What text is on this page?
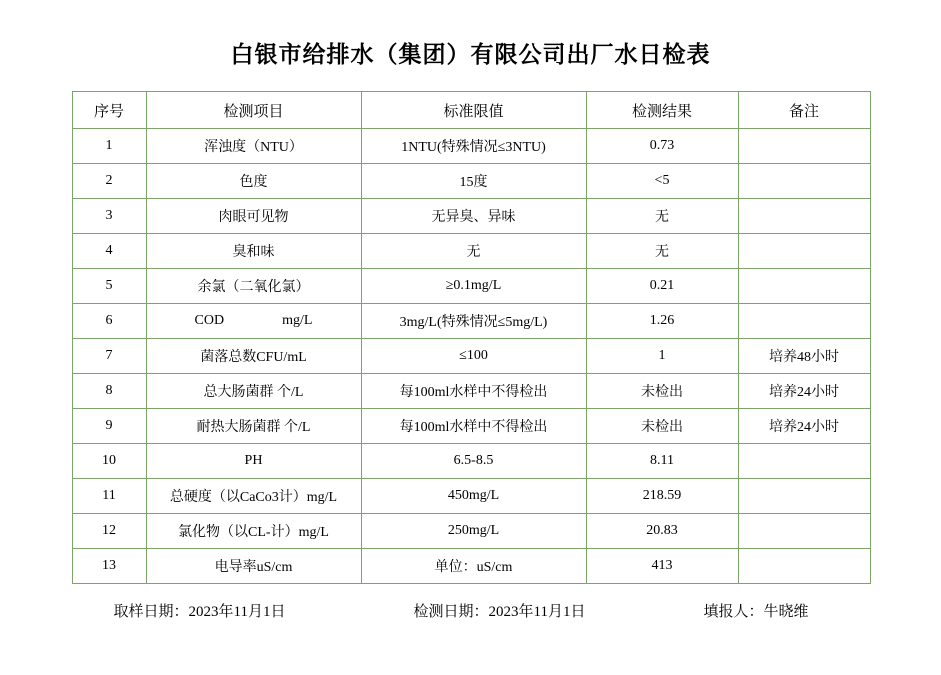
白银市给排水（集团）有限公司出厂水日检表
序号	检测项目	标准限值	检测结果	备注
1	浑浊度（NTU）	1NTU(特殊情况≤3NTU)	0.73	
2	色度	15度	<5	
3	肉眼可见物	无异臭、异味	无	
4	臭和味	无	无	
5	余氯（二氧化氯）	≥0.1mg/L	0.21	
6	COD mg/L	3mg/L(特殊情况≤5mg/L)	1.26	
7	菌落总数CFU/mL	≤100	1	培养48小时
8	总大肠菌群 个/L	每100ml水样中不得检出	未检出	培养24小时
9	耐热大肠菌群 个/L	每100ml水样中不得检出	未检出	培养24小时
10	PH	6.5-8.5	8.11	
11	总硬度（以CaCo3计）mg/L	450mg/L	218.59	
12	氯化物（以CL-计）mg/L	250mg/L	20.83	
13	电导率uS/cm	单位：uS/cm	413	
取样日期：2023年11月1日	检测日期：2023年11月1日	填报人：牛晓维
